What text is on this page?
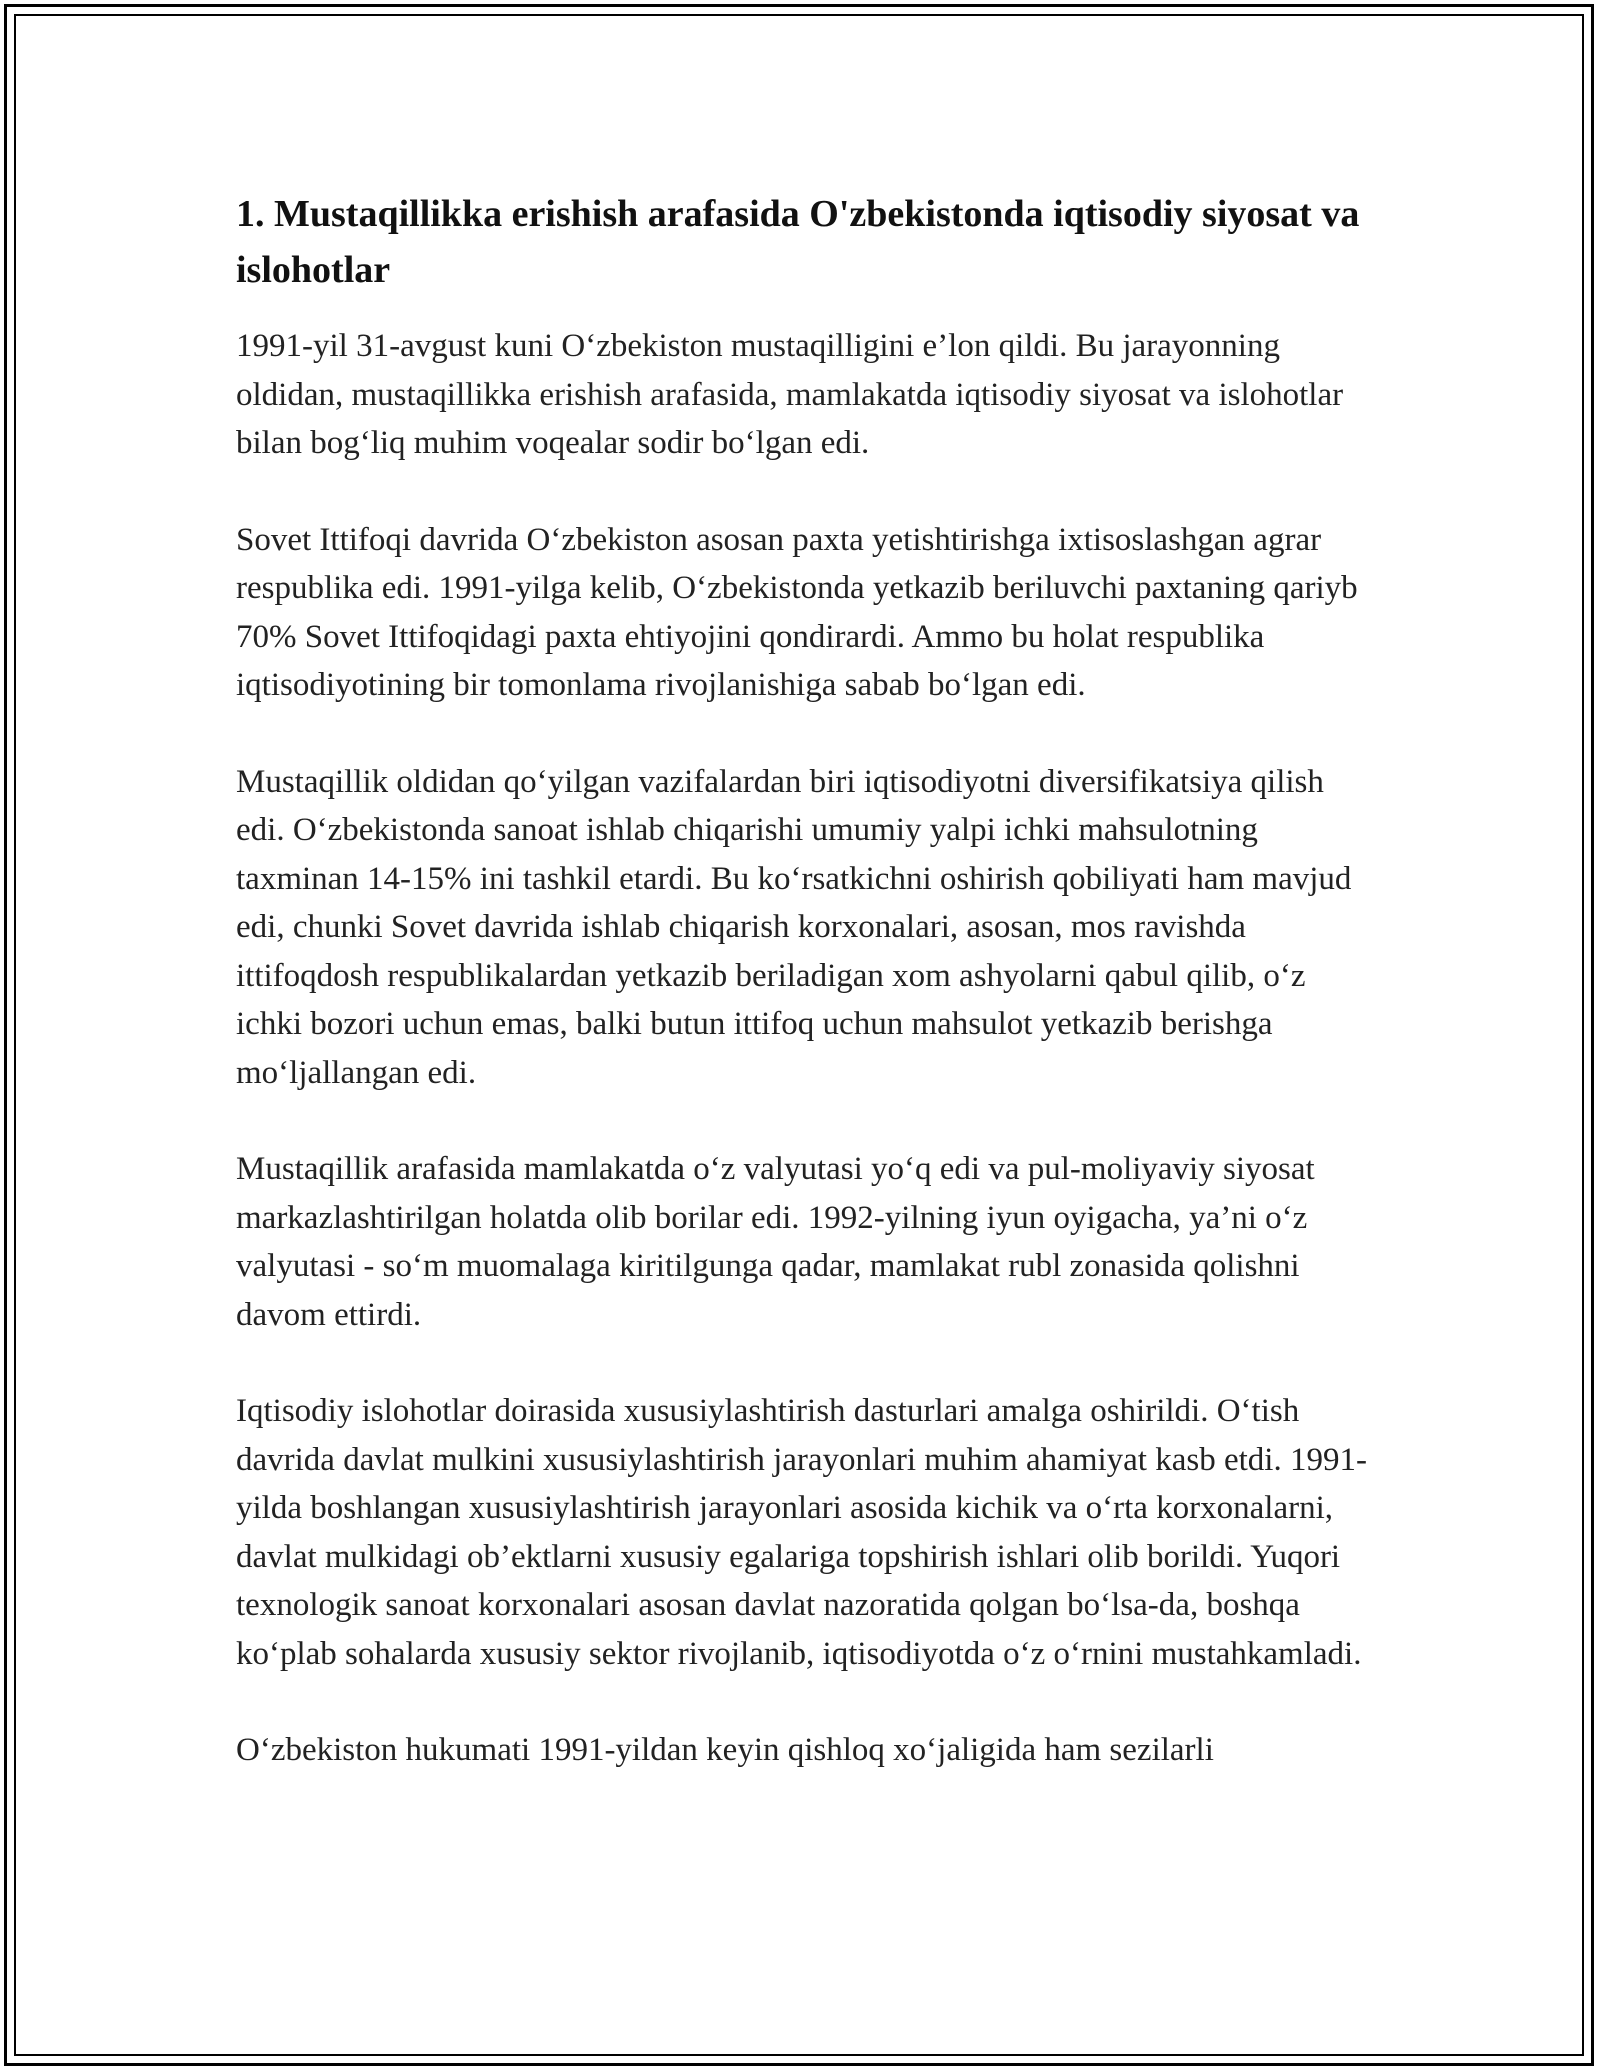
1. Mustaqillikka erishish arafasida O'zbekistonda iqtisodiy siyosat va islohotlar

1991-yil 31-avgust kuni O‘zbekiston mustaqilligini e’lon qildi. Bu jarayonning oldidan, mustaqillikka erishish arafasida, mamlakatda iqtisodiy siyosat va islohotlar bilan bog‘liq muhim voqealar sodir bo‘lgan edi.

Sovet Ittifoqi davrida O‘zbekiston asosan paxta yetishtirishga ixtisoslashgan agrar respublika edi. 1991-yilga kelib, O‘zbekistonda yetkazib beriluvchi paxtaning qariyb 70% Sovet Ittifoqidagi paxta ehtiyojini qondirardi. Ammo bu holat respublika iqtisodiyotining bir tomonlama rivojlanishiga sabab bo‘lgan edi.

Mustaqillik oldidan qo‘yilgan vazifalardan biri iqtisodiyotni diversifikatsiya qilish edi. O‘zbekistonda sanoat ishlab chiqarishi umumiy yalpi ichki mahsulotning taxminan 14-15% ini tashkil etardi. Bu ko‘rsatkichni oshirish qobiliyati ham mavjud edi, chunki Sovet davrida ishlab chiqarish korxonalari, asosan, mos ravishda ittifoqdosh respublikalardan yetkazib beriladigan xom ashyolarni qabul qilib, o‘z ichki bozori uchun emas, balki butun ittifoq uchun mahsulot yetkazib berishga mo‘ljallangan edi.

Mustaqillik arafasida mamlakatda o‘z valyutasi yo‘q edi va pul-moliyaviy siyosat markazlashtirilgan holatda olib borilar edi. 1992-yilning iyun oyigacha, ya’ni o‘z valyutasi - so‘m muomalaga kiritilgunga qadar, mamlakat rubl zonasida qolishni davom ettirdi.

Iqtisodiy islohotlar doirasida xususiylashtirish dasturlari amalga oshirildi. O‘tish davrida davlat mulkini xususiylashtirish jarayonlari muhim ahamiyat kasb etdi. 1991-yilda boshlangan xususiylashtirish jarayonlari asosida kichik va o‘rta korxonalarni, davlat mulkidagi ob’ektlarni xususiy egalariga topshirish ishlari olib borildi. Yuqori texnologik sanoat korxonalari asosan davlat nazoratida qolgan bo‘lsa-da, boshqa ko‘plab sohalarda xususiy sektor rivojlanib, iqtisodiyotda o‘z o‘rnini mustahkamladi.

O‘zbekiston hukumati 1991-yildan keyin qishloq xo‘jaligida ham sezilarli
